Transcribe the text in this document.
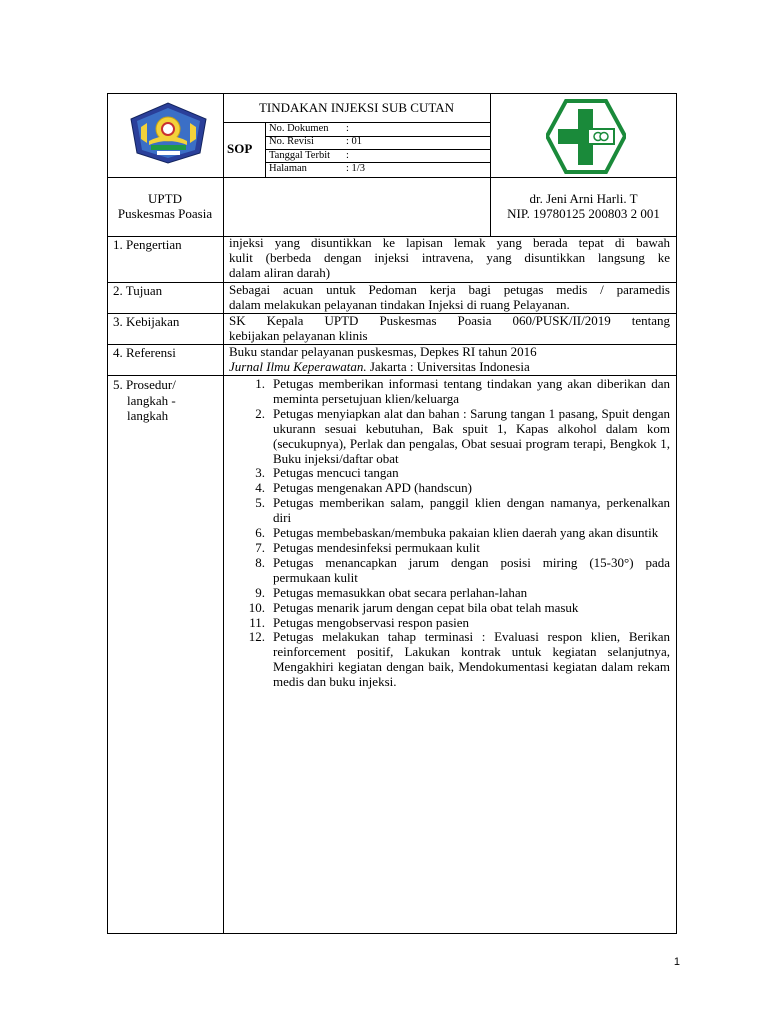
TINDAKAN INJEKSI SUB CUTAN
SOP
No. Dokumen :
No. Revisi	: 01
Tanggal Terbit :
Halaman	: 1/3
UPTD
Puskesmas Poasia
dr. Jeni Arni Harli. T
NIP. 19780125 200803 2 001
1. Pengertian
2. Tujuan
3. Kebijakan
4. Referensi
5. Prosedur/
langkah -
langkah
injeksi yang disuntikkan ke lapisan lemak yang berada tepat di bawah
kulit (berbeda dengan injeksi intravena, yang disuntikkan langsung ke
dalam aliran darah)
Sebagai acuan untuk Pedoman kerja bagi petugas medis / paramedis
dalam melakukan pelayanan tindakan Injeksi di ruang Pelayanan.
SK Kepala UPTD Puskesmas Poasia 060/PUSK/II/2019 tentang
kebijakan pelayanan klinis
Buku standar pelayanan puskesmas, Depkes RI tahun 2016
Jurnal Ilmu Keperawatan. Jakarta : Universitas Indonesia
1. Petugas memberikan informasi tentang tindakan yang akan diberikan dan meminta persetujuan klien/keluarga
2. Petugas menyiapkan alat dan bahan : Sarung tangan 1 pasang, Spuit dengan ukurann sesuai kebutuhan, Bak spuit 1, Kapas alkohol dalam kom (secukupnya), Perlak dan pengalas, Obat sesuai program terapi, Bengkok 1, Buku injeksi/daftar obat
3. Petugas mencuci tangan
4. Petugas mengenakan APD (handscun)
5. Petugas memberikan salam, panggil klien dengan namanya, perkenalkan diri
6. Petugas membebaskan/membuka pakaian klien daerah yang akan disuntik
7. Petugas mendesinfeksi permukaan kulit
8. Petugas menancapkan jarum dengan posisi miring (15-30°) pada permukaan kulit
9. Petugas memasukkan obat secara perlahan-lahan
10. Petugas menarik jarum dengan cepat bila obat telah masuk
11. Petugas mengobservasi respon pasien
12. Petugas melakukan tahap terminasi : Evaluasi respon klien, Berikan reinforcement positif, Lakukan kontrak untuk kegiatan selanjutnya, Mengakhiri kegiatan dengan baik, Mendokumentasi kegiatan dalam rekam medis dan buku injeksi.
1
